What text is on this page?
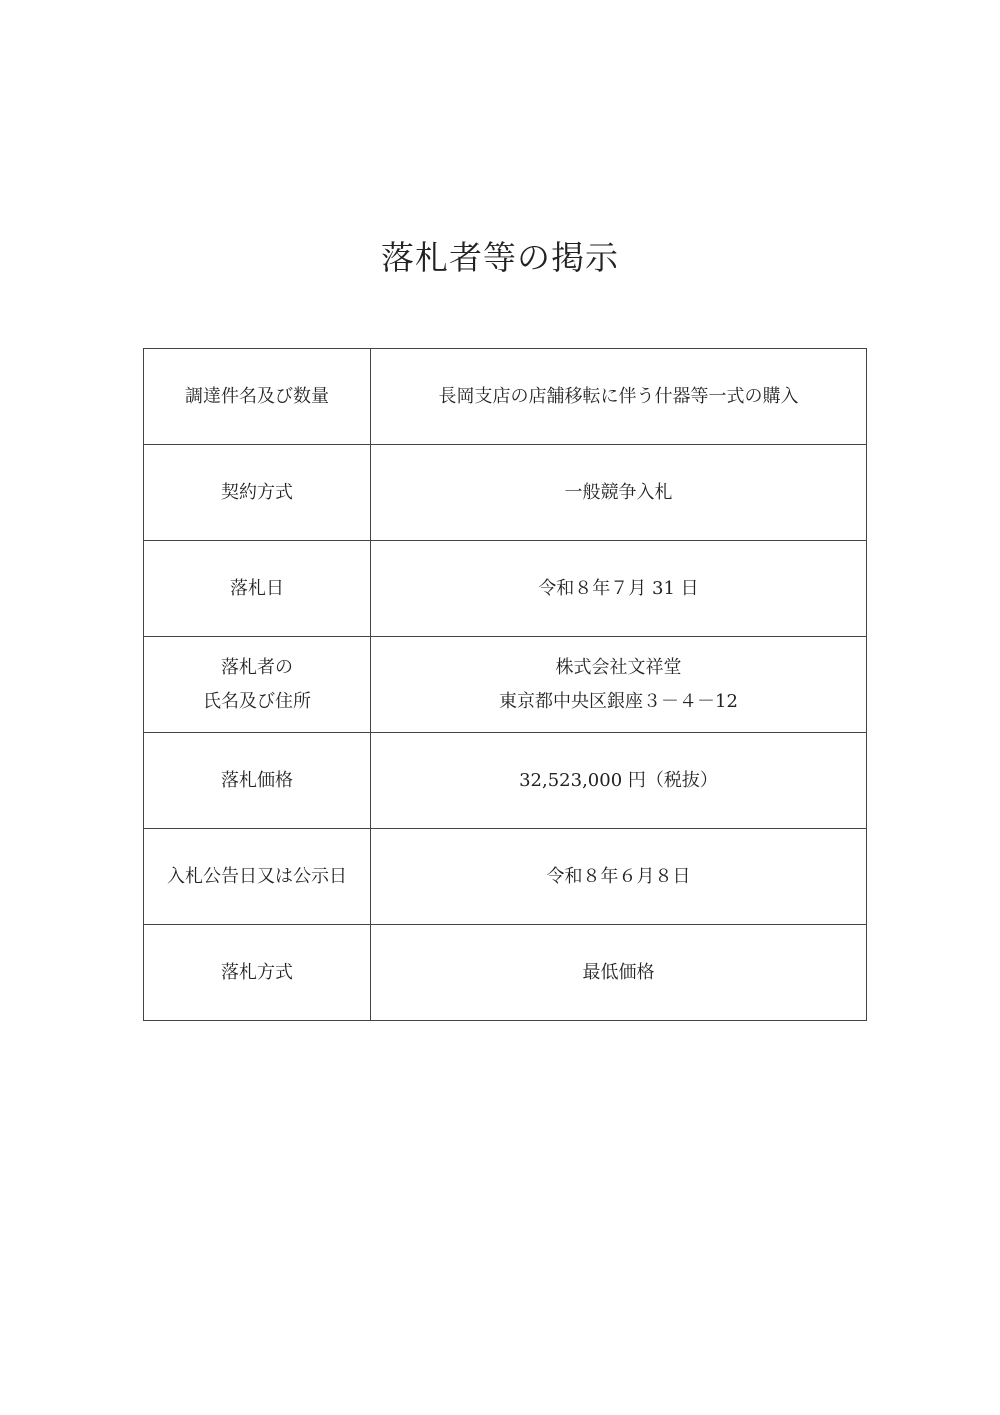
落札者等の掲示
調達件名及び数量	長岡支店の店舗移転に伴う什器等一式の購入
契約方式	一般競争入札
落札日	令和８年７月 31 日

落札者の
氏名及び住所	株式会社文祥堂
東京都中央区銀座３－４－12

落札価格	32,523,000 円（税抜）
入札公告日又は公示日	令和８年６月８日
落札方式	最低価格
